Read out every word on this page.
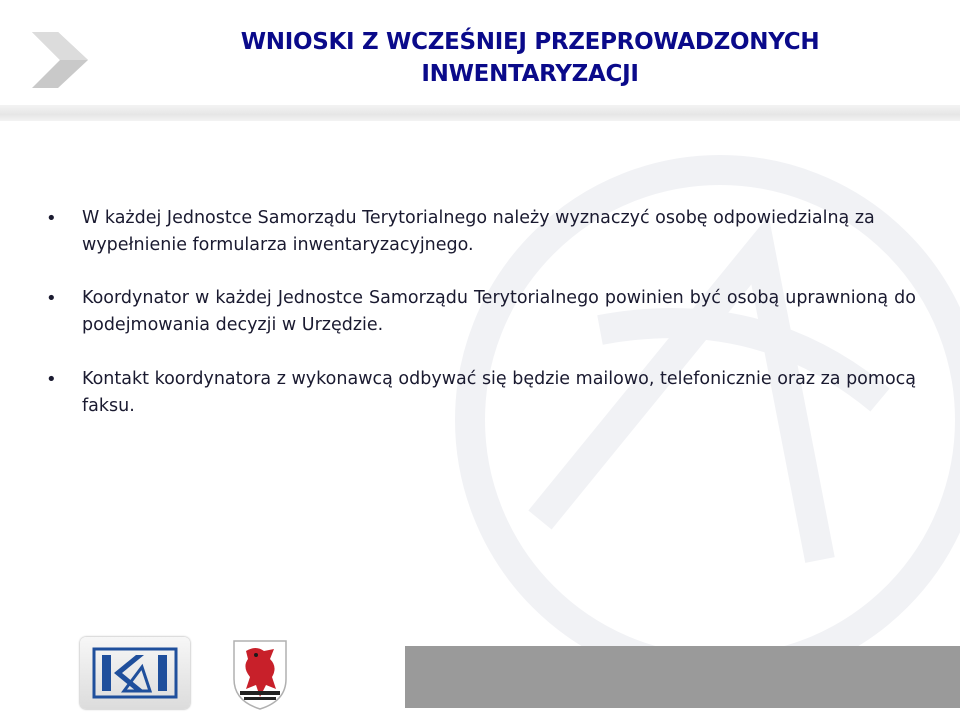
WNIOSKI Z WCZEŚNIEJ PRZEPROWADZONYCH
INWENTARYZACJI
• W każdej Jednostce Samorządu Terytorialnego należy wyznaczyć osobę odpowiedzialną za wypełnienie formularza inwentaryzacyjnego.
• Koordynator w każdej Jednostce Samorządu Terytorialnego powinien być osobą uprawnioną do podejmowania decyzji w Urzędzie.
• Kontakt koordynatora z wykonawcą odbywać się będzie mailowo, telefonicznie oraz za pomocą faksu.
